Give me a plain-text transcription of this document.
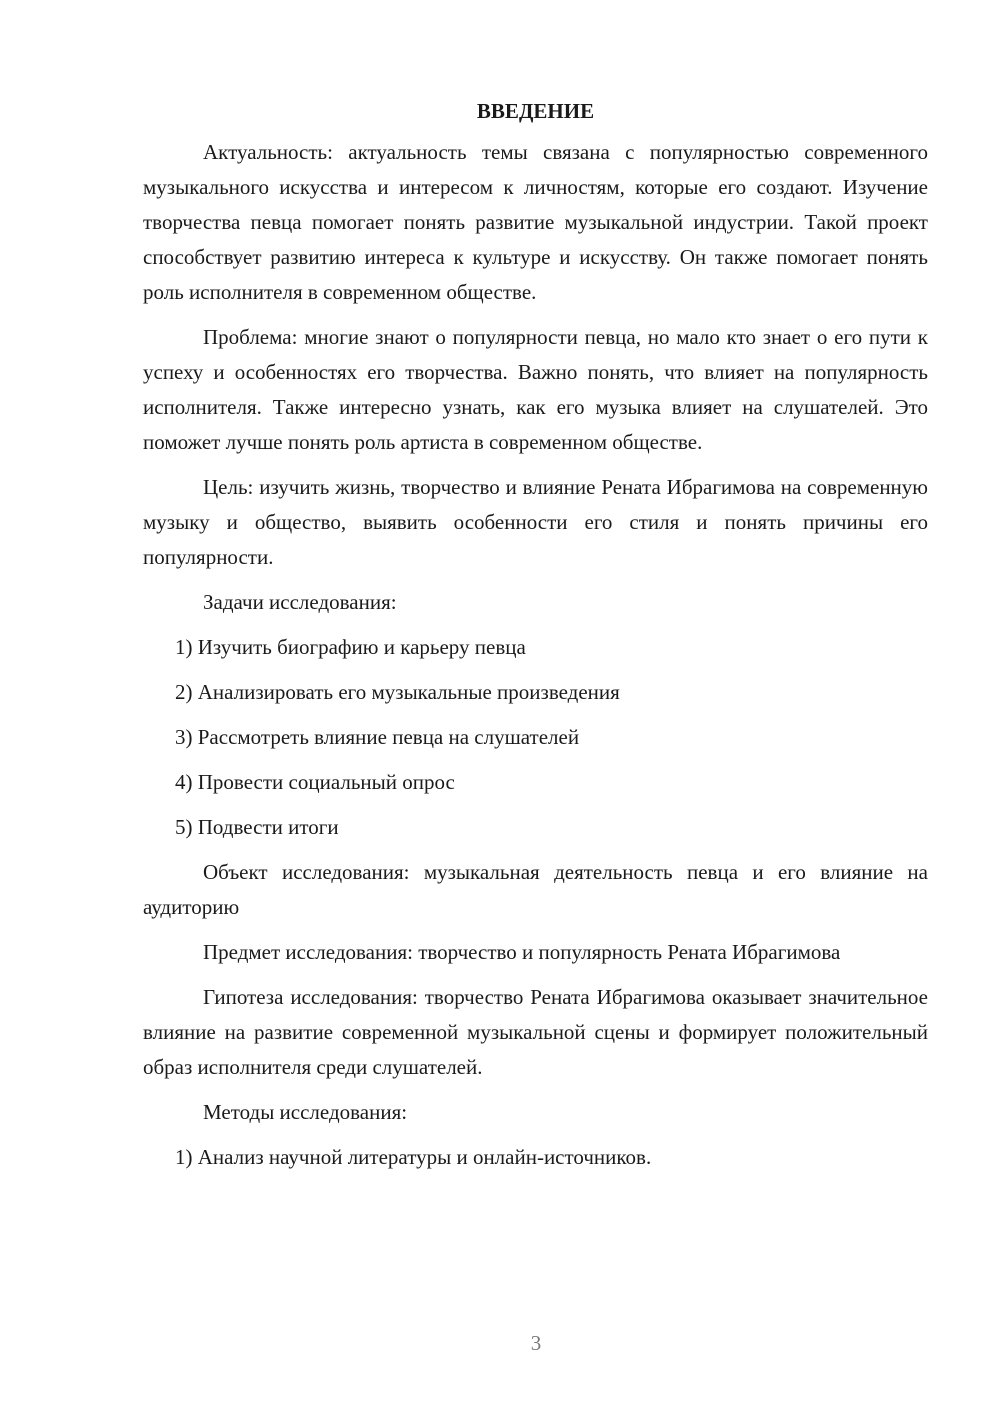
ВВЕДЕНИЕ
Актуальность: актуальность темы связана с популярностью современного музыкального искусства и интересом к личностям, которые его создают. Изучение творчества певца помогает понять развитие музыкальной индустрии. Такой проект способствует развитию интереса к культуре и искусству. Он также помогает понять роль исполнителя в современном обществе.
Проблема: многие знают о популярности певца, но мало кто знает о его пути к успеху и особенностях его творчества. Важно понять, что влияет на популярность исполнителя. Также интересно узнать, как его музыка влияет на слушателей. Это поможет лучше понять роль артиста в современном обществе.
Цель: изучить жизнь, творчество и влияние Рената Ибрагимова на современную музыку и общество, выявить особенности его стиля и понять причины его популярности.
Задачи исследования:
1) Изучить биографию и карьеру певца
2) Анализировать его музыкальные произведения
3) Рассмотреть влияние певца на слушателей
4) Провести социальный опрос
5) Подвести итоги
Объект исследования: музыкальная деятельность певца и его влияние на аудиторию
Предмет исследования: творчество и популярность Рената Ибрагимова
Гипотеза исследования: творчество Рената Ибрагимова оказывает значительное влияние на развитие современной музыкальной сцены и формирует положительный образ исполнителя среди слушателей.
Методы исследования:
1) Анализ научной литературы и онлайн-источников.
3
